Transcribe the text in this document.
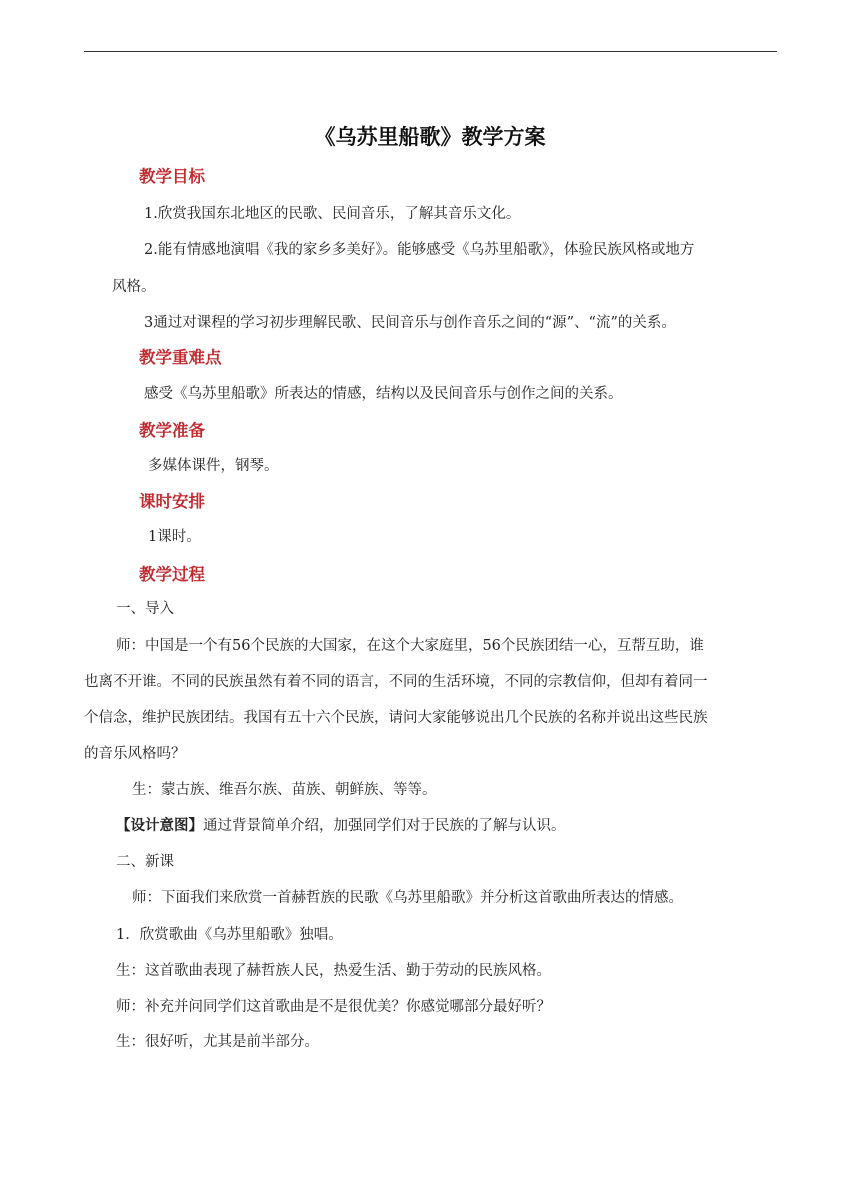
《乌苏里船歌》教学方案
教学目标
1.欣赏我国东北地区的民歌、民间音乐，了解其音乐文化。
2.能有情感地演唱《我的家乡多美好》。能够感受《乌苏里船歌》，体验民族风格或地方
风格。
3通过对课程的学习初步理解民歌、民间音乐与创作音乐之间的“源”、“流”的关系。
教学重难点
感受《乌苏里船歌》所表达的情感，结构以及民间音乐与创作之间的关系。
教学准备
多媒体课件，钢琴。
课时安排
1课时。
教学过程
一、导入
师：中国是一个有56个民族的大国家，在这个大家庭里，56个民族团结一心，互帮互助，谁
也离不开谁。不同的民族虽然有着不同的语言，不同的生活环境，不同的宗教信仰，但却有着同一
个信念，维护民族团结。我国有五十六个民族，请问大家能够说出几个民族的名称并说出这些民族
的音乐风格吗？
生：蒙古族、维吾尔族、苗族、朝鲜族、等等。
【设计意图】通过背景简单介绍，加强同学们对于民族的了解与认识。
二、新课
师：下面我们来欣赏一首赫哲族的民歌《乌苏里船歌》并分析这首歌曲所表达的情感。
1．欣赏歌曲《乌苏里船歌》独唱。
生：这首歌曲表现了赫哲族人民，热爱生活、勤于劳动的民族风格。
师：补充并问同学们这首歌曲是不是很优美？你感觉哪部分最好听？
生：很好听，尤其是前半部分。
